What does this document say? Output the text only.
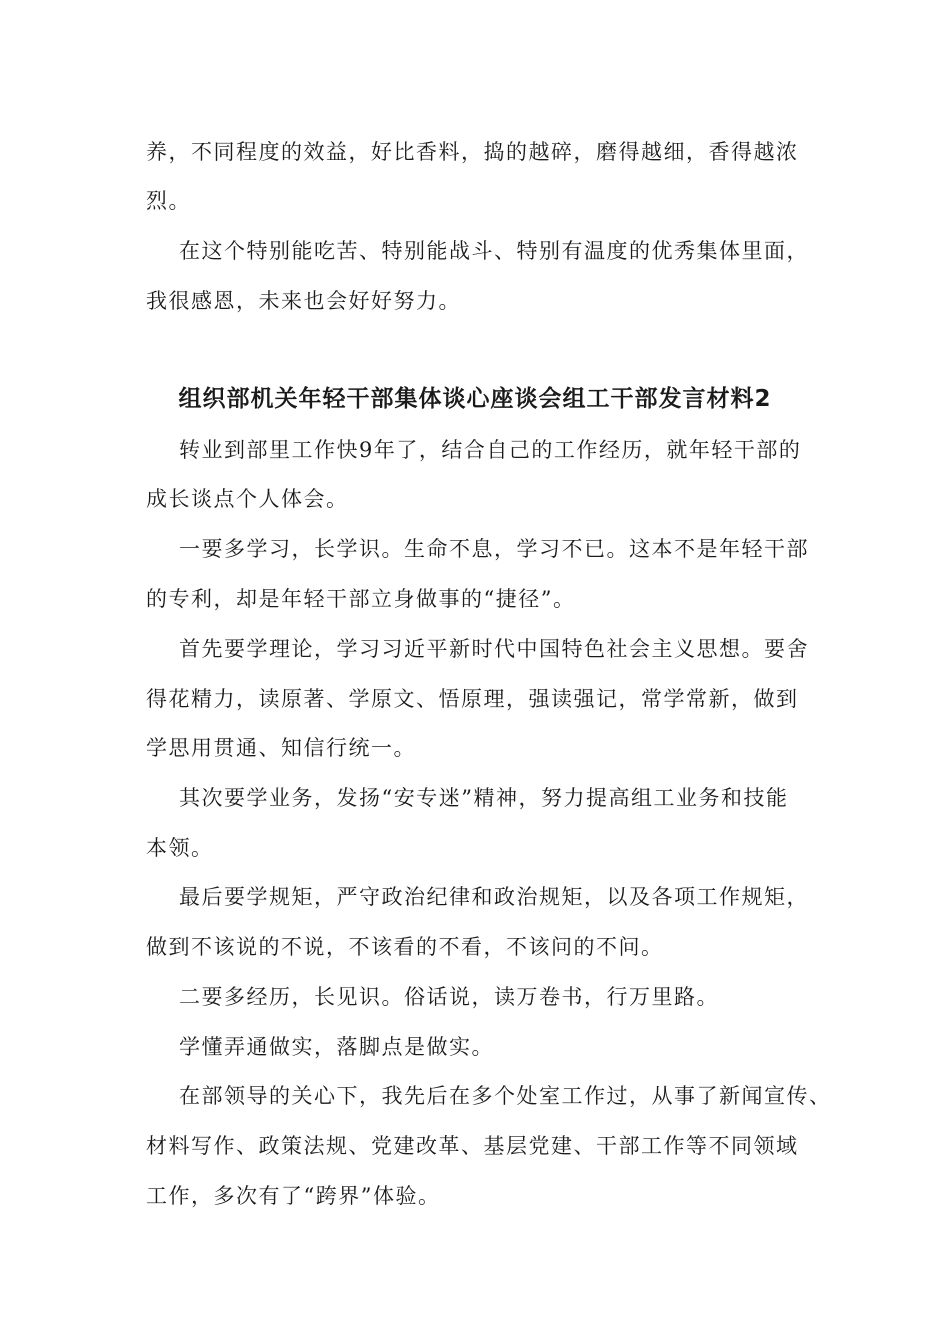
养，不同程度的效益，好比香料，捣的越碎，磨得越细，香得越浓
烈。
在这个特别能吃苦、特别能战斗、特别有温度的优秀集体里面，
我很感恩，未来也会好好努力。
组织部机关年轻干部集体谈心座谈会组工干部发言材料2
转业到部里工作快9年了，结合自己的工作经历，就年轻干部的
成长谈点个人体会。
一要多学习，长学识。生命不息，学习不已。这本不是年轻干部
的专利，却是年轻干部立身做事的“捷径”。
首先要学理论，学习习近平新时代中国特色社会主义思想。要舍
得花精力，读原著、学原文、悟原理，强读强记，常学常新，做到
学思用贯通、知信行统一。
其次要学业务，发扬“安专迷”精神，努力提高组工业务和技能
本领。
最后要学规矩，严守政治纪律和政治规矩，以及各项工作规矩，
做到不该说的不说，不该看的不看，不该问的不问。
二要多经历，长见识。俗话说，读万卷书，行万里路。
学懂弄通做实，落脚点是做实。
在部领导的关心下，我先后在多个处室工作过，从事了新闻宣传、
材料写作、政策法规、党建改革、基层党建、干部工作等不同领域
工作，多次有了“跨界”体验。
